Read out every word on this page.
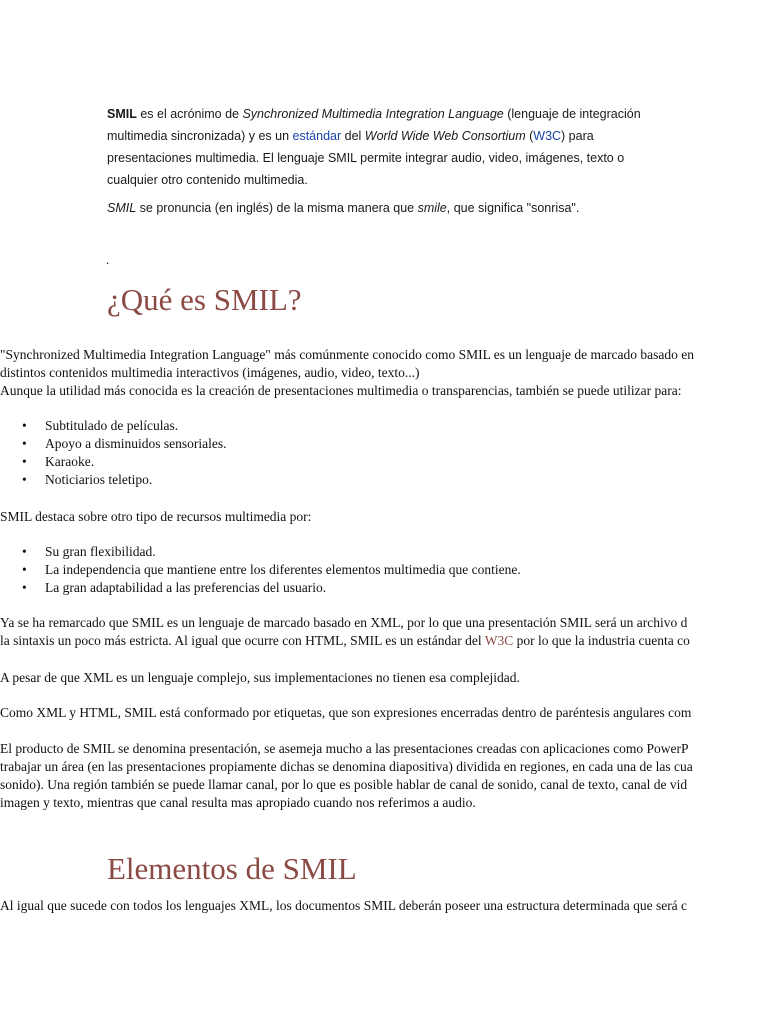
SMIL es el acrónimo de Synchronized Multimedia Integration Language (lenguaje de integración multimedia sincronizada) y es un estándar del World Wide Web Consortium (W3C) para presentaciones multimedia. El lenguaje SMIL permite integrar audio, video, imágenes, texto o cualquier otro contenido multimedia.

SMIL se pronuncia (en inglés) de la misma manera que smile, que significa "sonrisa".

.
¿Qué es SMIL?

"Synchronized Multimedia Integration Language" más comúnmente conocido como SMIL es un lenguaje de marcado basado en

distintos contenidos multimedia interactivos (imágenes, audio, video, texto...)

Aunque la utilidad más conocida es la creación de presentaciones multimedia o transparencias, también se puede utilizar para:

• Subtitulado de películas.
• Apoyo a disminuidos sensoriales.
• Karaoke.
• Noticiarios teletipo.

SMIL destaca sobre otro tipo de recursos multimedia por:

• Su gran flexibilidad.
• La independencia que mantiene entre los diferentes elementos multimedia que contiene.
• La gran adaptabilidad a las preferencias del usuario.

Ya se ha remarcado que SMIL es un lenguaje de marcado basado en XML, por lo que una presentación SMIL será un archivo d

la sintaxis un poco más estricta. Al igual que ocurre con HTML, SMIL es un estándar del W3C por lo que la industria cuenta co

A pesar de que XML es un lenguaje complejo, sus implementaciones no tienen esa complejidad.

Como XML y HTML, SMIL está conformado por etiquetas, que son expresiones encerradas dentro de paréntesis angulares com

El producto de SMIL se denomina presentación, se asemeja mucho a las presentaciones creadas con aplicaciones como PowerP

trabajar un área (en las presentaciones propiamente dichas se denomina diapositiva) dividida en regiones, en cada una de las cua

sonido). Una región también se puede llamar canal, por lo que es posible hablar de canal de sonido, canal de texto, canal de vid

imagen y texto, mientras que canal resulta mas apropiado cuando nos referimos a audio.

Elementos de SMIL

Al igual que sucede con todos los lenguajes XML, los documentos SMIL deberán poseer una estructura determinada que será c
